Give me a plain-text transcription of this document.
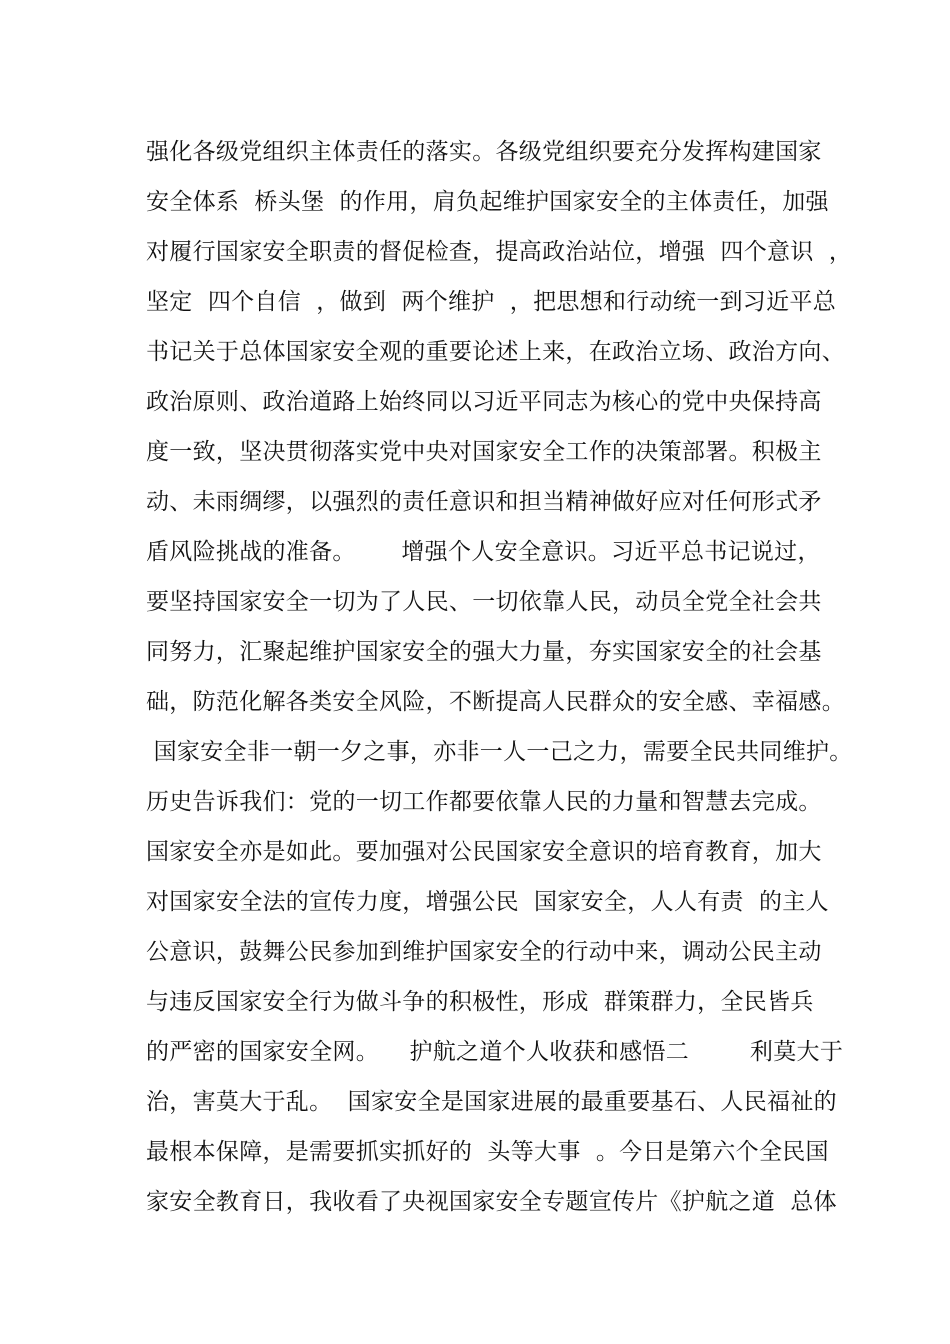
强化各级党组织主体责任的落实。各级党组织要充分发挥构建国家
安全体系  桥头堡  的作用，肩负起维护国家安全的主体责任，加强
对履行国家安全职责的督促检查，提高政治站位，增强  四个意识  ，
坚定  四个自信  ，做到  两个维护  ，把思想和行动统一到习近平总
书记关于总体国家安全观的重要论述上来，在政治立场、政治方向、
政治原则、政治道路上始终同以习近平同志为核心的党中央保持高
度一致，坚决贯彻落实党中央对国家安全工作的决策部署。积极主
动、未雨绸缪，以强烈的责任意识和担当精神做好应对任何形式矛
盾风险挑战的准备。      增强个人安全意识。习近平总书记说过，
要坚持国家安全一切为了人民、一切依靠人民，动员全党全社会共
同努力，汇聚起维护国家安全的强大力量，夯实国家安全的社会基
础，防范化解各类安全风险，不断提高人民群众的安全感、幸福感。
国家安全非一朝一夕之事，亦非一人一己之力，需要全民共同维护。
历史告诉我们：党的一切工作都要依靠人民的力量和智慧去完成。
国家安全亦是如此。要加强对公民国家安全意识的培育教育，加大
对国家安全法的宣传力度，增强公民  国家安全，人人有责  的主人
公意识，鼓舞公民参加到维护国家安全的行动中来，调动公民主动
与违反国家安全行为做斗争的积极性，形成  群策群力，全民皆兵
的严密的国家安全网。    护航之道个人收获和感悟二        利莫大于
治，害莫大于乱。  国家安全是国家进展的最重要基石、人民福祉的
最根本保障，是需要抓实抓好的  头等大事  。今日是第六个全民国
家安全教育日，我收看了央视国家安全专题宣传片《护航之道  总体
